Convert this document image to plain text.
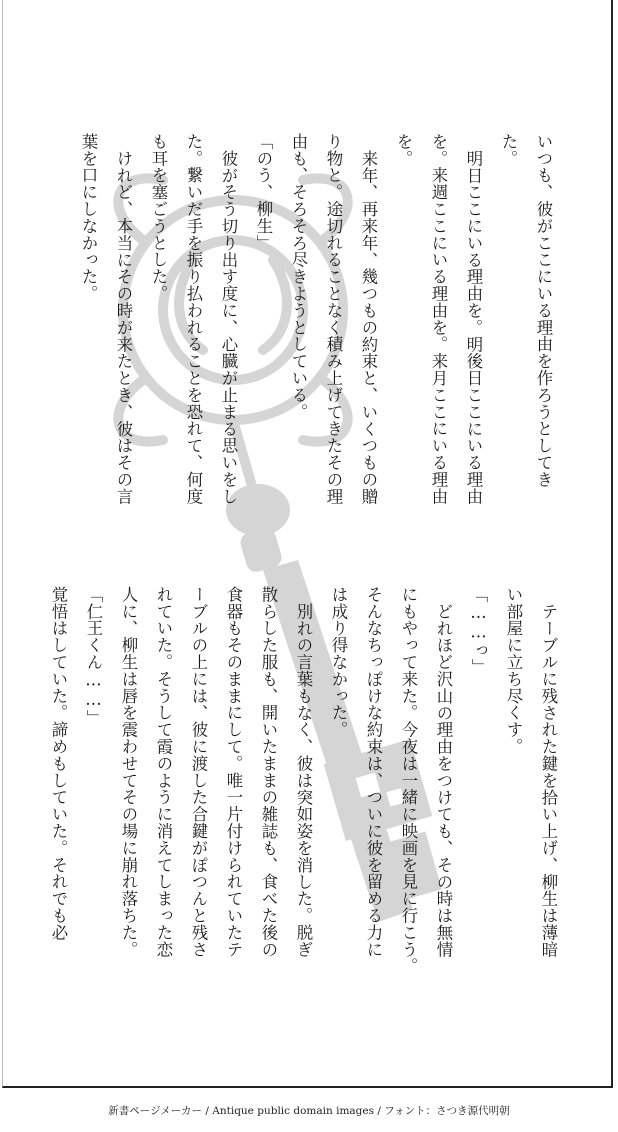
いつも、彼がここにいる理由を作ろうとしてき
た。
明日ここにいる理由を。明後日ここにいる理由
を。来週ここにいる理由を。来月ここにいる理由
を。
来年、再来年、幾つもの約束と、いくつもの贈
り物と。途切れることなく積み上げてきたその理
由も、そろそろ尽きようとしている。
「のう、柳生」
彼がそう切り出す度に、心臓が止まる思いをし
た。繋いだ手を振り払われることを恐れて、何度
も耳を塞ごうとした。
けれど、本当にその時が来たとき、彼はその言
葉を口にしなかった。
テーブルに残された鍵を拾い上げ、柳生は薄暗
い部屋に立ち尽くす。
「……っ」
どれほど沢山の理由をつけても、その時は無情
にもやって来た。今夜は一緒に映画を見に行こう。
そんなちっぽけな約束は、ついに彼を留める力に
は成り得なかった。
別れの言葉もなく、彼は突如姿を消した。脱ぎ
散らした服も、開いたままの雑誌も、食べた後の
食器もそのままにして。唯一片付けられていたテ
ーブルの上には、彼に渡した合鍵がぽつんと残さ
れていた。そうして霞のように消えてしまった恋
人に、柳生は唇を震わせてその場に崩れ落ちた。
「仁王くん……」
覚悟はしていた。諦めもしていた。それでも必
新書ページメーカー / Antique public domain images / フォント：さつき源代明朝
